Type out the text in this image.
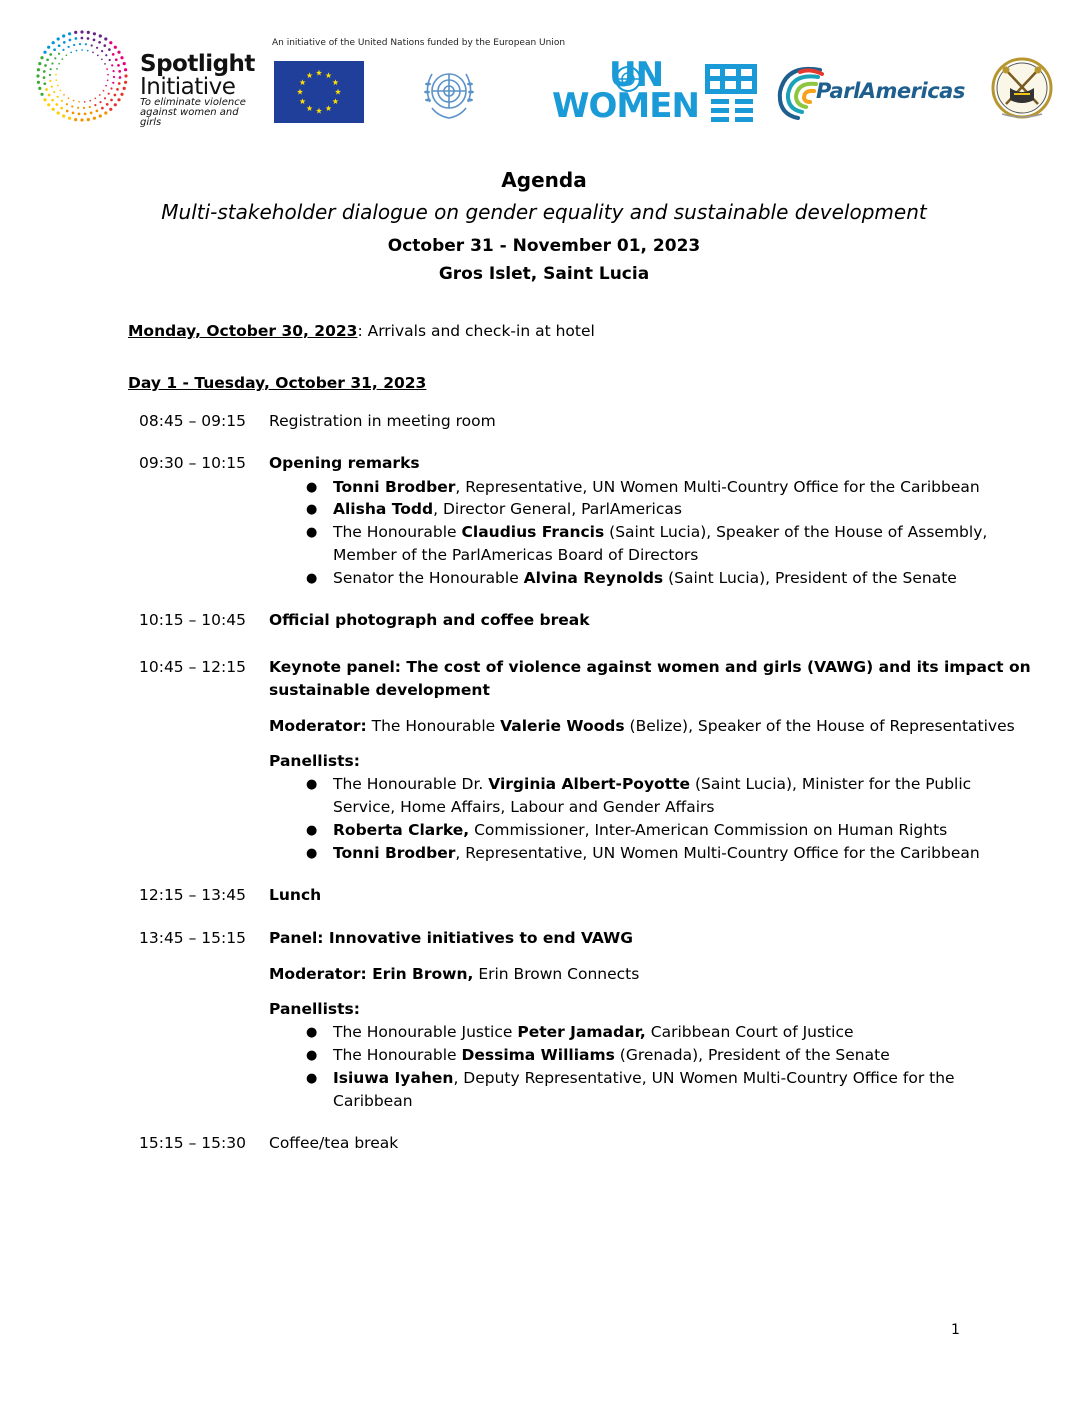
Spotlight
Initiative
To eliminate violence against women and girls
An initiative of the United Nations funded by the European Union
UN
WOMEN	ParlAmericas
Agenda
Multi-stakeholder dialogue on gender equality and sustainable development
October 31 - November 01, 2023
Gros Islet, Saint Lucia
Monday, October 30, 2023: Arrivals and check-in at hotel
Day 1 - Tuesday, October 31, 2023
08:45 – 09:15 Registration in meeting room
09:30 – 10:15 Opening remarks
● Tonni Brodber, Representative, UN Women Multi-Country Office for the Caribbean
● Alisha Todd, Director General, ParlAmericas
● The Honourable Claudius Francis (Saint Lucia), Speaker of the House of Assembly,
Member of the ParlAmericas Board of Directors
● Senator the Honourable Alvina Reynolds (Saint Lucia), President of the Senate
10:15 – 10:45 Official photograph and coffee break
10:45 – 12:15 Keynote panel: The cost of violence against women and girls (VAWG) and its impact on
sustainable development
Moderator: The Honourable Valerie Woods (Belize), Speaker of the House of Representatives
Panellists:
● The Honourable Dr. Virginia Albert-Poyotte (Saint Lucia), Minister for the Public
Service, Home Affairs, Labour and Gender Affairs
● Roberta Clarke, Commissioner, Inter-American Commission on Human Rights
● Tonni Brodber, Representative, UN Women Multi-Country Office for the Caribbean
12:15 – 13:45 Lunch
13:45 – 15:15 Panel: Innovative initiatives to end VAWG
Moderator: Erin Brown, Erin Brown Connects
Panellists:
● The Honourable Justice Peter Jamadar, Caribbean Court of Justice
● The Honourable Dessima Williams (Grenada), President of the Senate
● Isiuwa Iyahen, Deputy Representative, UN Women Multi-Country Office for the
Caribbean
15:15 – 15:30 Coffee/tea break
1
